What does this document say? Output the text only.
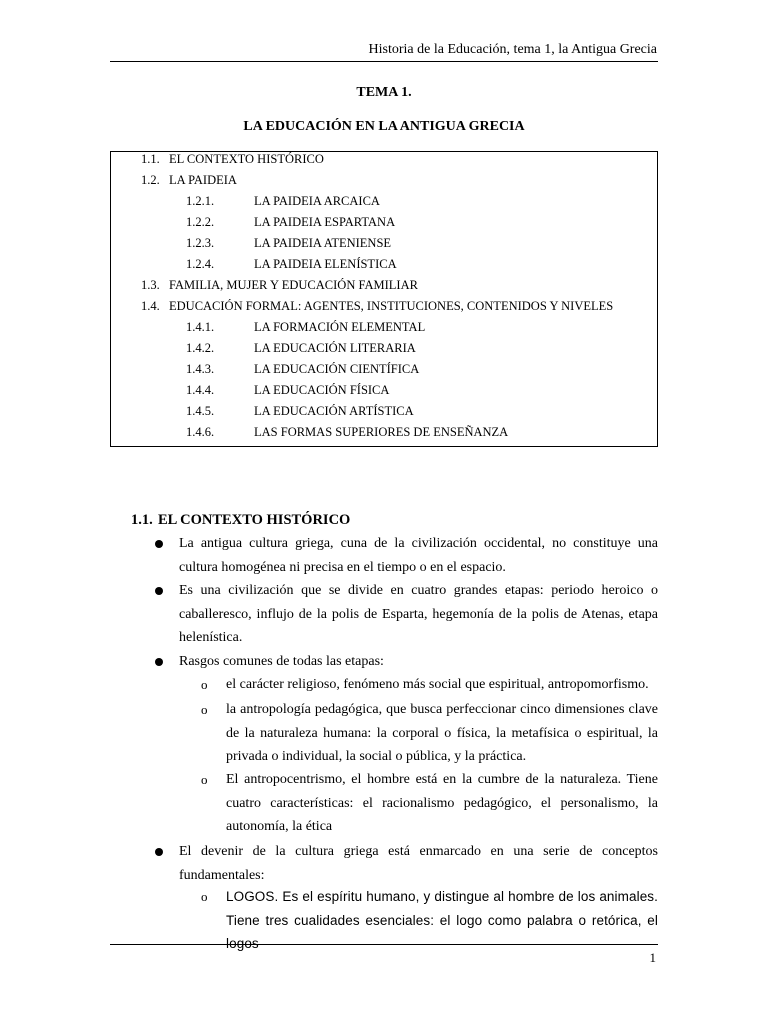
Historia de la Educación, tema 1, la Antigua Grecia
TEMA 1.
LA EDUCACIÓN EN LA ANTIGUA GRECIA
1.1. EL CONTEXTO HISTÓRICO
1.2. LA PAIDEIA
1.2.1.	LA PAIDEIA ARCAICA
1.2.2.	LA PAIDEIA ESPARTANA
1.2.3.	LA PAIDEIA ATENIENSE
1.2.4.	LA PAIDEIA ELENÍSTICA
1.3. FAMILIA, MUJER Y EDUCACIÓN FAMILIAR
1.4. EDUCACIÓN FORMAL: AGENTES, INSTITUCIONES, CONTENIDOS Y NIVELES
1.4.1.	LA FORMACIÓN ELEMENTAL
1.4.2.	LA EDUCACIÓN LITERARIA
1.4.3.	LA EDUCACIÓN CIENTÍFICA
1.4.4.	LA EDUCACIÓN FÍSICA
1.4.5.	LA EDUCACIÓN ARTÍSTICA
1.4.6.	LAS FORMAS SUPERIORES DE ENSEÑANZA
1.1. EL CONTEXTO HISTÓRICO
La antigua cultura griega, cuna de la civilización occidental, no constituye una cultura homogénea ni precisa en el tiempo o en el espacio.
Es una civilización que se divide en cuatro grandes etapas: periodo heroico o caballeresco, influjo de la polis de Esparta, hegemonía de la polis de Atenas, etapa helenística.
Rasgos comunes de todas las etapas:
o el carácter religioso, fenómeno más social que espiritual, antropomorfismo.
o la antropología pedagógica, que busca perfeccionar cinco dimensiones clave de la naturaleza humana: la corporal o física, la metafísica o espiritual, la privada o individual, la social o pública, y la práctica.
o El antropocentrismo, el hombre está en la cumbre de la naturaleza. Tiene cuatro características: el racionalismo pedagógico, el personalismo, la autonomía, la ética
El devenir de la cultura griega está enmarcado en una serie de conceptos fundamentales:
o LOGOS. Es el espíritu humano, y distingue al hombre de los animales. Tiene tres cualidades esenciales: el logo como palabra o retórica, el logos
1
